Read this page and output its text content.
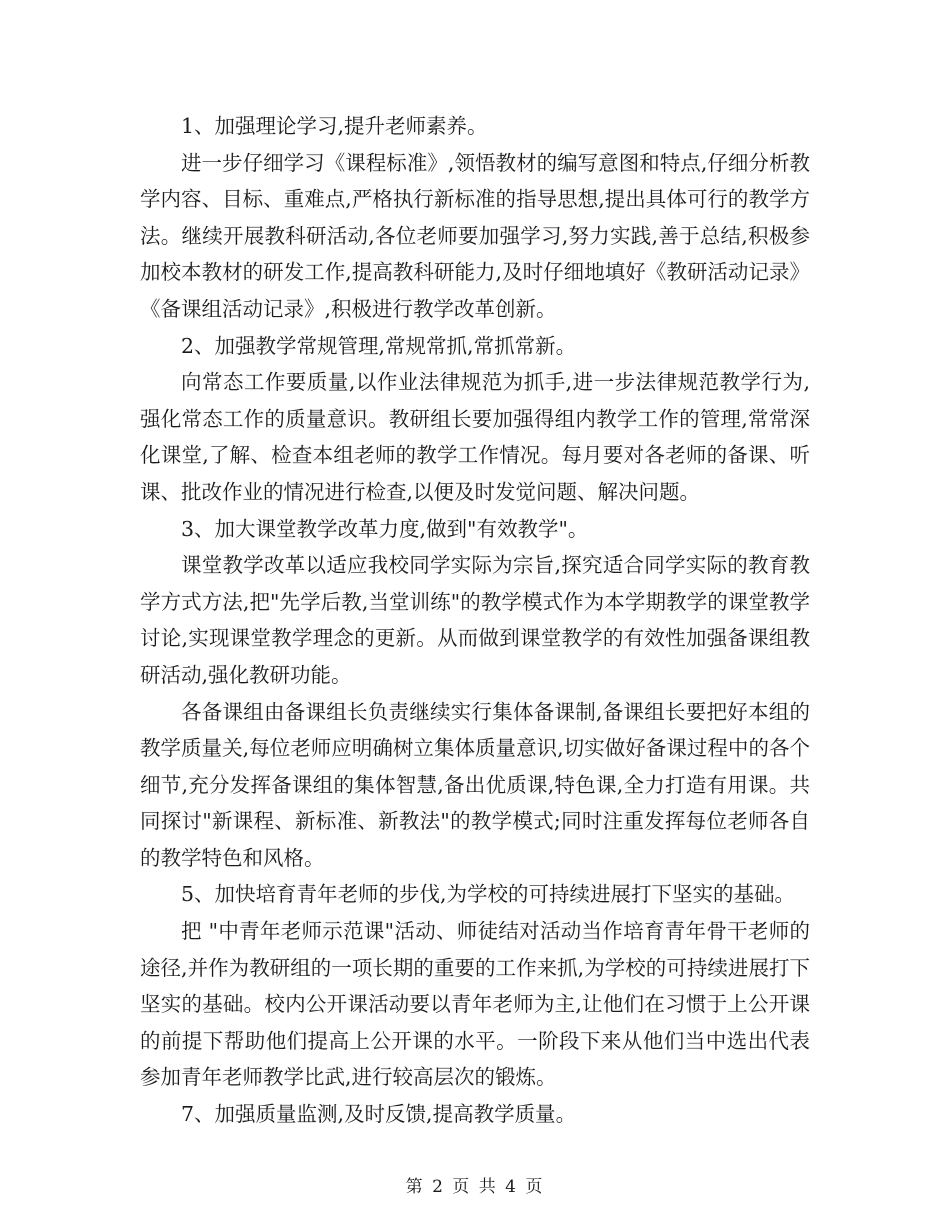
1、加强理论学习,提升老师素养。

进一步仔细学习《课程标准》,领悟教材的编写意图和特点,仔细分析教学内容、目标、重难点,严格执行新标准的指导思想,提出具体可行的教学方法。继续开展教科研活动,各位老师要加强学习,努力实践,善于总结,积极参加校本教材的研发工作,提高教科研能力,及时仔细地填好《教研活动记录》《备课组活动记录》,积极进行教学改革创新。

2、加强教学常规管理,常规常抓,常抓常新。

向常态工作要质量,以作业法律规范为抓手,进一步法律规范教学行为,强化常态工作的质量意识。教研组长要加强得组内教学工作的管理,常常深化课堂,了解、检查本组老师的教学工作情况。每月要对各老师的备课、听课、批改作业的情况进行检查,以便及时发觉问题、解决问题。

3、加大课堂教学改革力度,做到"有效教学"。

课堂教学改革以适应我校同学实际为宗旨,探究适合同学实际的教育教学方式方法,把"先学后教,当堂训练"的教学模式作为本学期教学的课堂教学讨论,实现课堂教学理念的更新。从而做到课堂教学的有效性加强备课组教研活动,强化教研功能。

各备课组由备课组长负责继续实行集体备课制,备课组长要把好本组的教学质量关,每位老师应明确树立集体质量意识,切实做好备课过程中的各个细节,充分发挥备课组的集体智慧,备出优质课,特色课,全力打造有用课。共同探讨"新课程、新标准、新教法"的教学模式;同时注重发挥每位老师各自的教学特色和风格。

5、加快培育青年老师的步伐,为学校的可持续进展打下坚实的基础。

把 "中青年老师示范课"活动、师徒结对活动当作培育青年骨干老师的途径,并作为教研组的一项长期的重要的工作来抓,为学校的可持续进展打下坚实的基础。校内公开课活动要以青年老师为主,让他们在习惯于上公开课的前提下帮助他们提高上公开课的水平。一阶段下来从他们当中选出代表参加青年老师教学比武,进行较高层次的锻炼。

7、加强质量监测,及时反馈,提高教学质量。

第 2 页 共 4 页
